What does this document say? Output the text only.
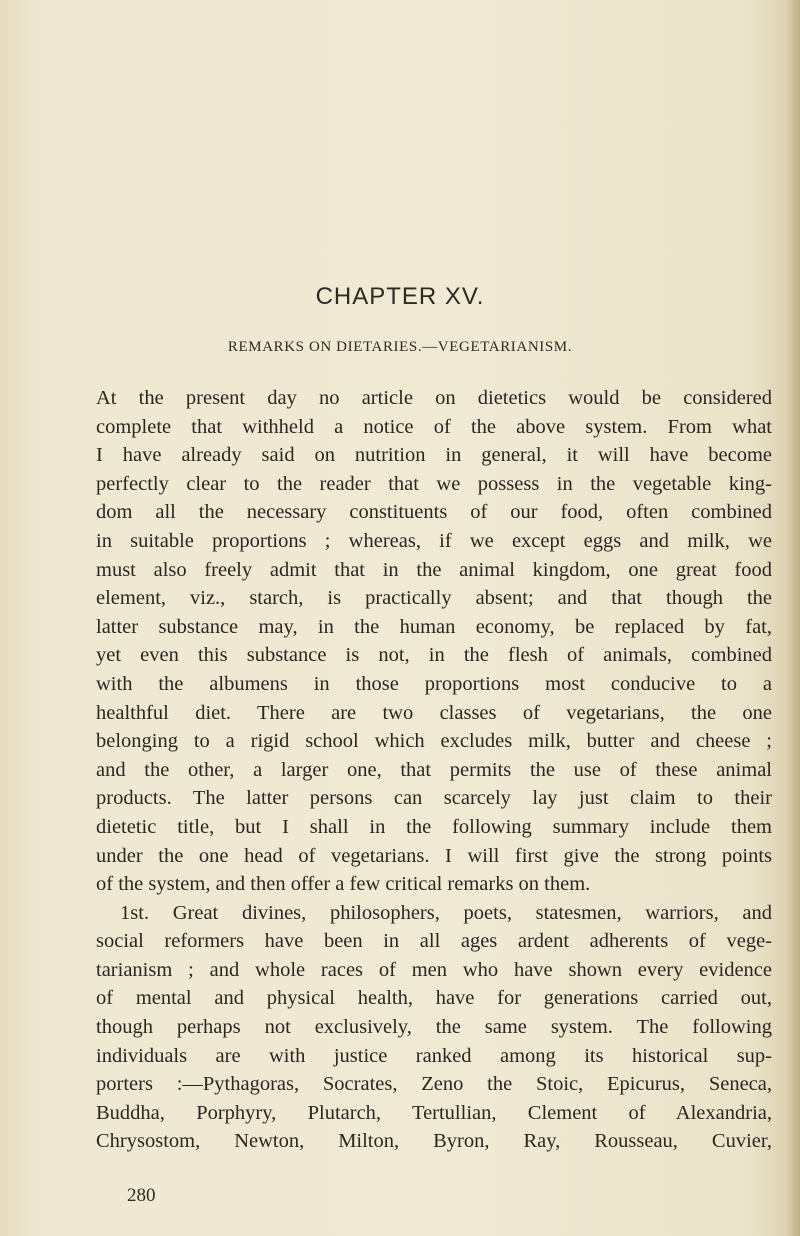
CHAPTER XV.
REMARKS ON DIETARIES.—VEGETARIANISM.
At the present day no article on dietetics would be considered
complete that withheld a notice of the above system. From what
I have already said on nutrition in general, it will have become
perfectly clear to the reader that we possess in the vegetable king-
dom all the necessary constituents of our food, often combined
in suitable proportions ; whereas, if we except eggs and milk, we
must also freely admit that in the animal kingdom, one great food
element, viz., starch, is practically absent; and that though the
latter substance may, in the human economy, be replaced by fat,
yet even this substance is not, in the flesh of animals, combined
with the albumens in those proportions most conducive to a
healthful diet. There are two classes of vegetarians, the one
belonging to a rigid school which excludes milk, butter and cheese ;
and the other, a larger one, that permits the use of these animal
products. The latter persons can scarcely lay just claim to their
dietetic title, but I shall in the following summary include them
under the one head of vegetarians. I will first give the strong points
of the system, and then offer a few critical remarks on them.
1st. Great divines, philosophers, poets, statesmen, warriors, and
social reformers have been in all ages ardent adherents of vege-
tarianism ; and whole races of men who have shown every evidence
of mental and physical health, have for generations carried out,
though perhaps not exclusively, the same system. The following
individuals are with justice ranked among its historical sup-
porters :—Pythagoras, Socrates, Zeno the Stoic, Epicurus, Seneca,
Buddha, Porphyry, Plutarch, Tertullian, Clement of Alexandria,
Chrysostom, Newton, Milton, Byron, Ray, Rousseau, Cuvier,
280
